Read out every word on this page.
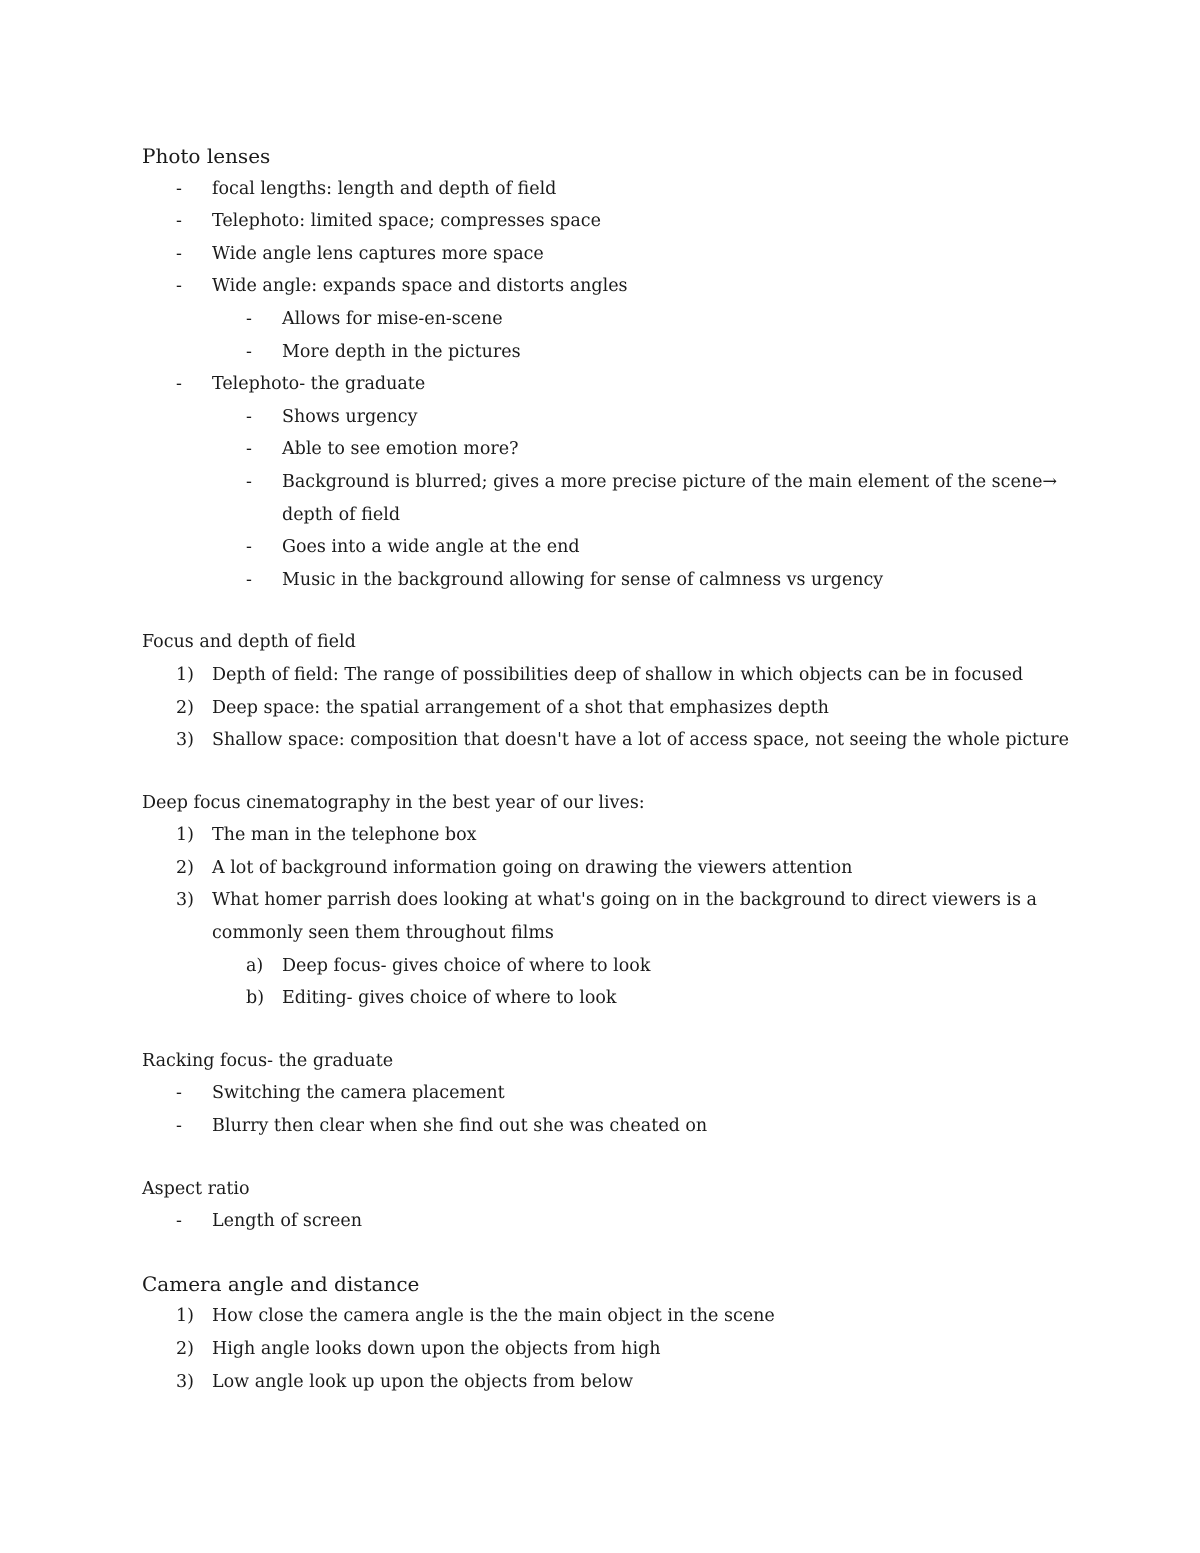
Photo lenses
-	focal lengths: length and depth of field
-	Telephoto: limited space; compresses space
-	Wide angle lens captures more space
-	Wide angle: expands space and distorts angles
-	Allows for mise-en-scene
-	More depth in the pictures
-	Telephoto- the graduate
-	Shows urgency
-	Able to see emotion more?
-	Background is blurred; gives a more precise picture of the main element of the scene→ depth of field
-	Goes into a wide angle at the end
-	Music in the background allowing for sense of calmness vs urgency
Focus and depth of field
1)	Depth of field: The range of possibilities deep of shallow in which objects can be in focused
2)	Deep space: the spatial arrangement of a shot that emphasizes depth
3)	Shallow space: composition that doesn't have a lot of access space, not seeing the whole picture
Deep focus cinematography in the best year of our lives:
1)	The man in the telephone box
2)	A lot of background information going on drawing the viewers attention
3)	What homer parrish does looking at what's going on in the background to direct viewers is a commonly seen them throughout films
a)	Deep focus- gives choice of where to look
b)	Editing- gives choice of where to look
Racking focus- the graduate
-	Switching the camera placement
-	Blurry then clear when she find out she was cheated on
Aspect ratio
-	Length of screen
Camera angle and distance
1)	How close the camera angle is the the main object in the scene
2)	High angle looks down upon the objects from high
3)	Low angle look up upon the objects from below
